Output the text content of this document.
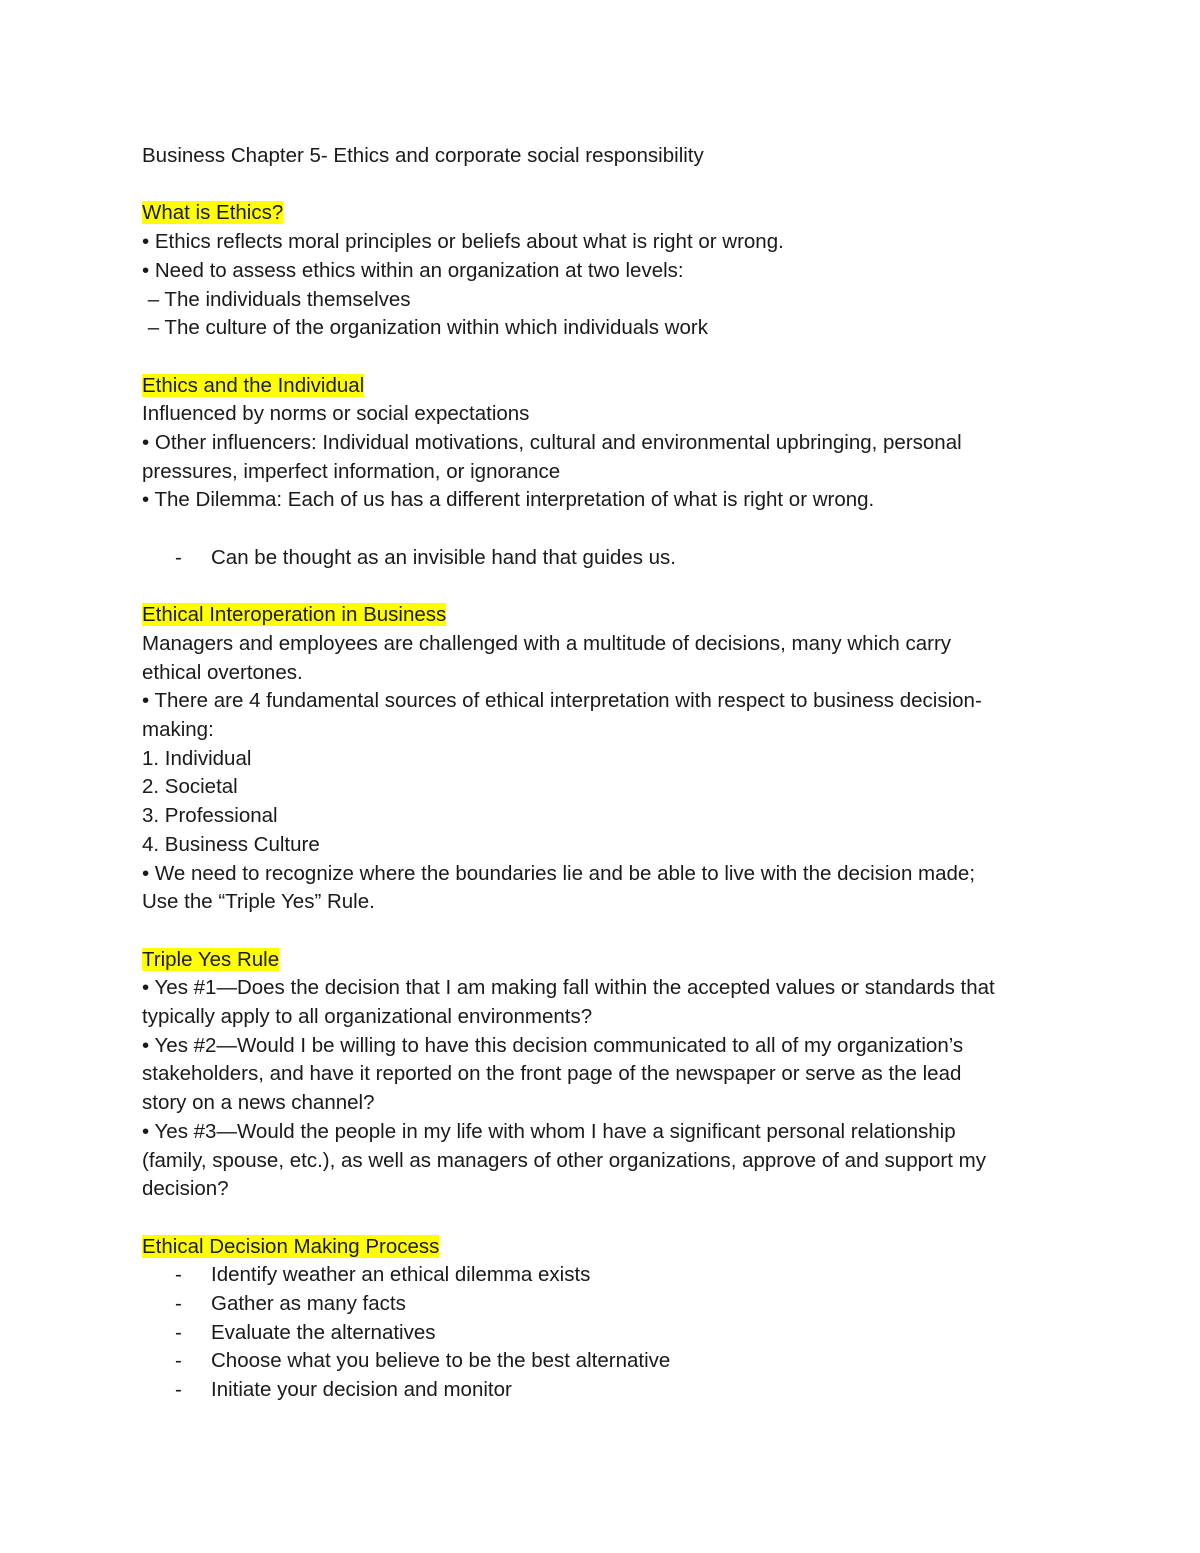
Business Chapter 5- Ethics and corporate social responsibility

What is Ethics?

• Ethics reflects moral principles or beliefs about what is right or wrong.

• Need to assess ethics within an organization at two levels:

– The individuals themselves

– The culture of the organization within which individuals work

Ethics and the Individual

Influenced by norms or social expectations

• Other influencers: Individual motivations, cultural and environmental upbringing, personal

pressures, imperfect information, or ignorance

• The Dilemma: Each of us has a different interpretation of what is right or wrong.

- Can be thought as an invisible hand that guides us.

Ethical Interoperation in Business

Managers and employees are challenged with a multitude of decisions, many which carry

ethical overtones.

• There are 4 fundamental sources of ethical interpretation with respect to business decision-

making:

1. Individual

2. Societal

3. Professional

4. Business Culture

• We need to recognize where the boundaries lie and be able to live with the decision made;

Use the “Triple Yes” Rule.

Triple Yes Rule

• Yes #1—Does the decision that I am making fall within the accepted values or standards that

typically apply to all organizational environments?

• Yes #2—Would I be willing to have this decision communicated to all of my organization’s

stakeholders, and have it reported on the front page of the newspaper or serve as the lead

story on a news channel?

• Yes #3—Would the people in my life with whom I have a significant personal relationship

(family, spouse, etc.), as well as managers of other organizations, approve of and support my

decision?

Ethical Decision Making Process

- Identify weather an ethical dilemma exists

- Gather as many facts

- Evaluate the alternatives

- Choose what you believe to be the best alternative

- Initiate your decision and monitor
